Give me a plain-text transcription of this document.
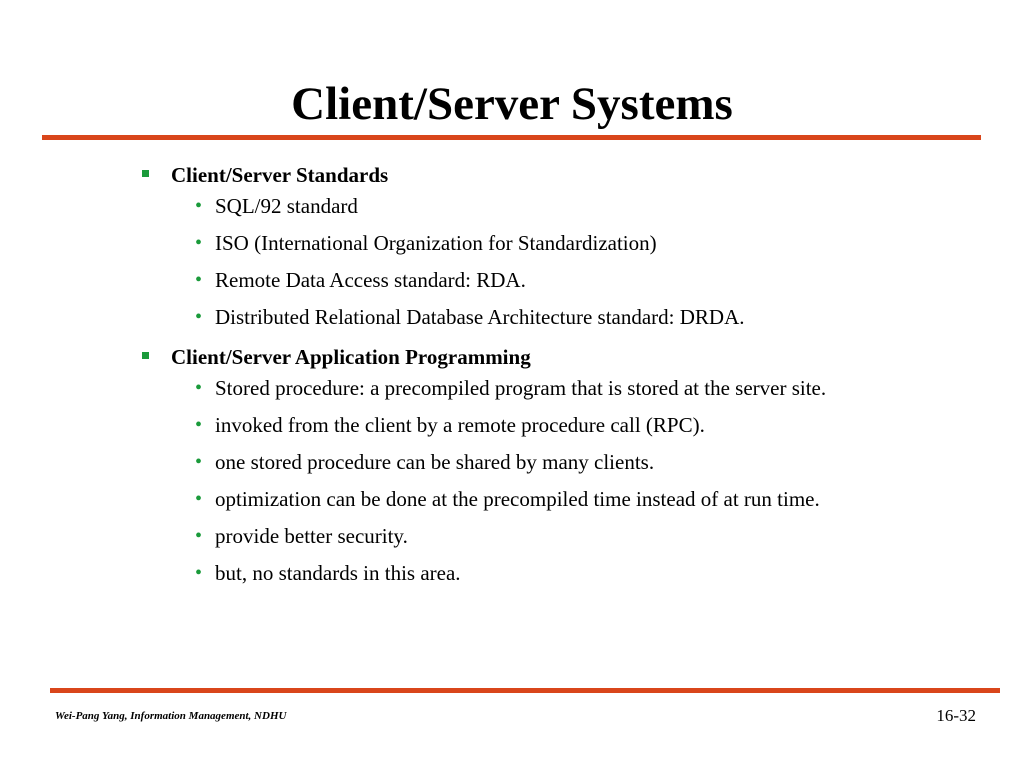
Client/Server Systems
Client/Server Standards
• SQL/92 standard
• ISO (International Organization for Standardization)
• Remote Data Access standard: RDA.
• Distributed Relational Database Architecture standard: DRDA.
Client/Server Application Programming
• Stored procedure: a precompiled program that is stored at the server site.
• invoked from the client by a remote procedure call (RPC).
• one stored procedure can be shared by many clients.
• optimization can be done at the precompiled time instead of at run time.
• provide better security.
• but, no standards in this area.
Wei-Pang Yang, Information Management, NDHU	16-32
